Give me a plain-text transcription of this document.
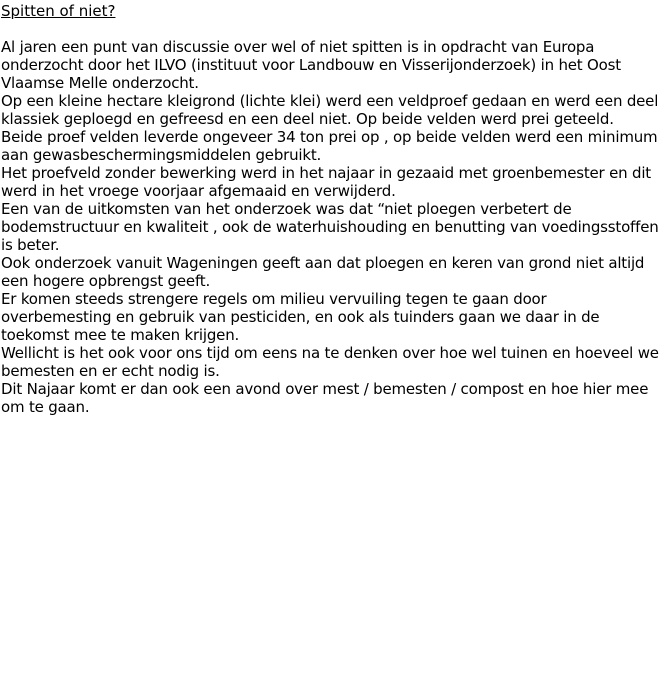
Spitten of niet?

Al jaren een punt van discussie over wel of niet spitten is in opdracht van Europa onderzocht door het ILVO (instituut voor Landbouw en Visserijonderzoek) in het Oost Vlaamse Melle onderzocht.

Op een kleine hectare kleigrond (lichte klei) werd een veldproef gedaan en werd een deel klassiek geploegd en gefreesd en een deel niet. Op beide velden werd prei geteeld.

Beide proef velden leverde ongeveer 34 ton prei op , op beide velden werd een minimum aan gewasbeschermingsmiddelen gebruikt.

Het proefveld zonder bewerking werd in het najaar in gezaaid met groenbemester en dit werd in het vroege voorjaar afgemaaid en verwijderd.

Een van de uitkomsten van het onderzoek was dat “niet ploegen verbetert de bodemstructuur en kwaliteit , ook de waterhuishouding en benutting van voedingsstoffen is beter.

Ook onderzoek vanuit Wageningen geeft aan dat ploegen en keren van grond niet altijd een hogere opbrengst geeft.

Er komen steeds strengere regels om milieu vervuiling tegen te gaan door overbemesting en gebruik van pesticiden, en ook als tuinders gaan we daar in de toekomst mee te maken krijgen.

Wellicht is het ook voor ons tijd om eens na te denken over hoe wel tuinen en hoeveel we bemesten en er echt nodig is.

Dit Najaar komt er dan ook een avond over mest / bemesten / compost en hoe hier mee om te gaan.
